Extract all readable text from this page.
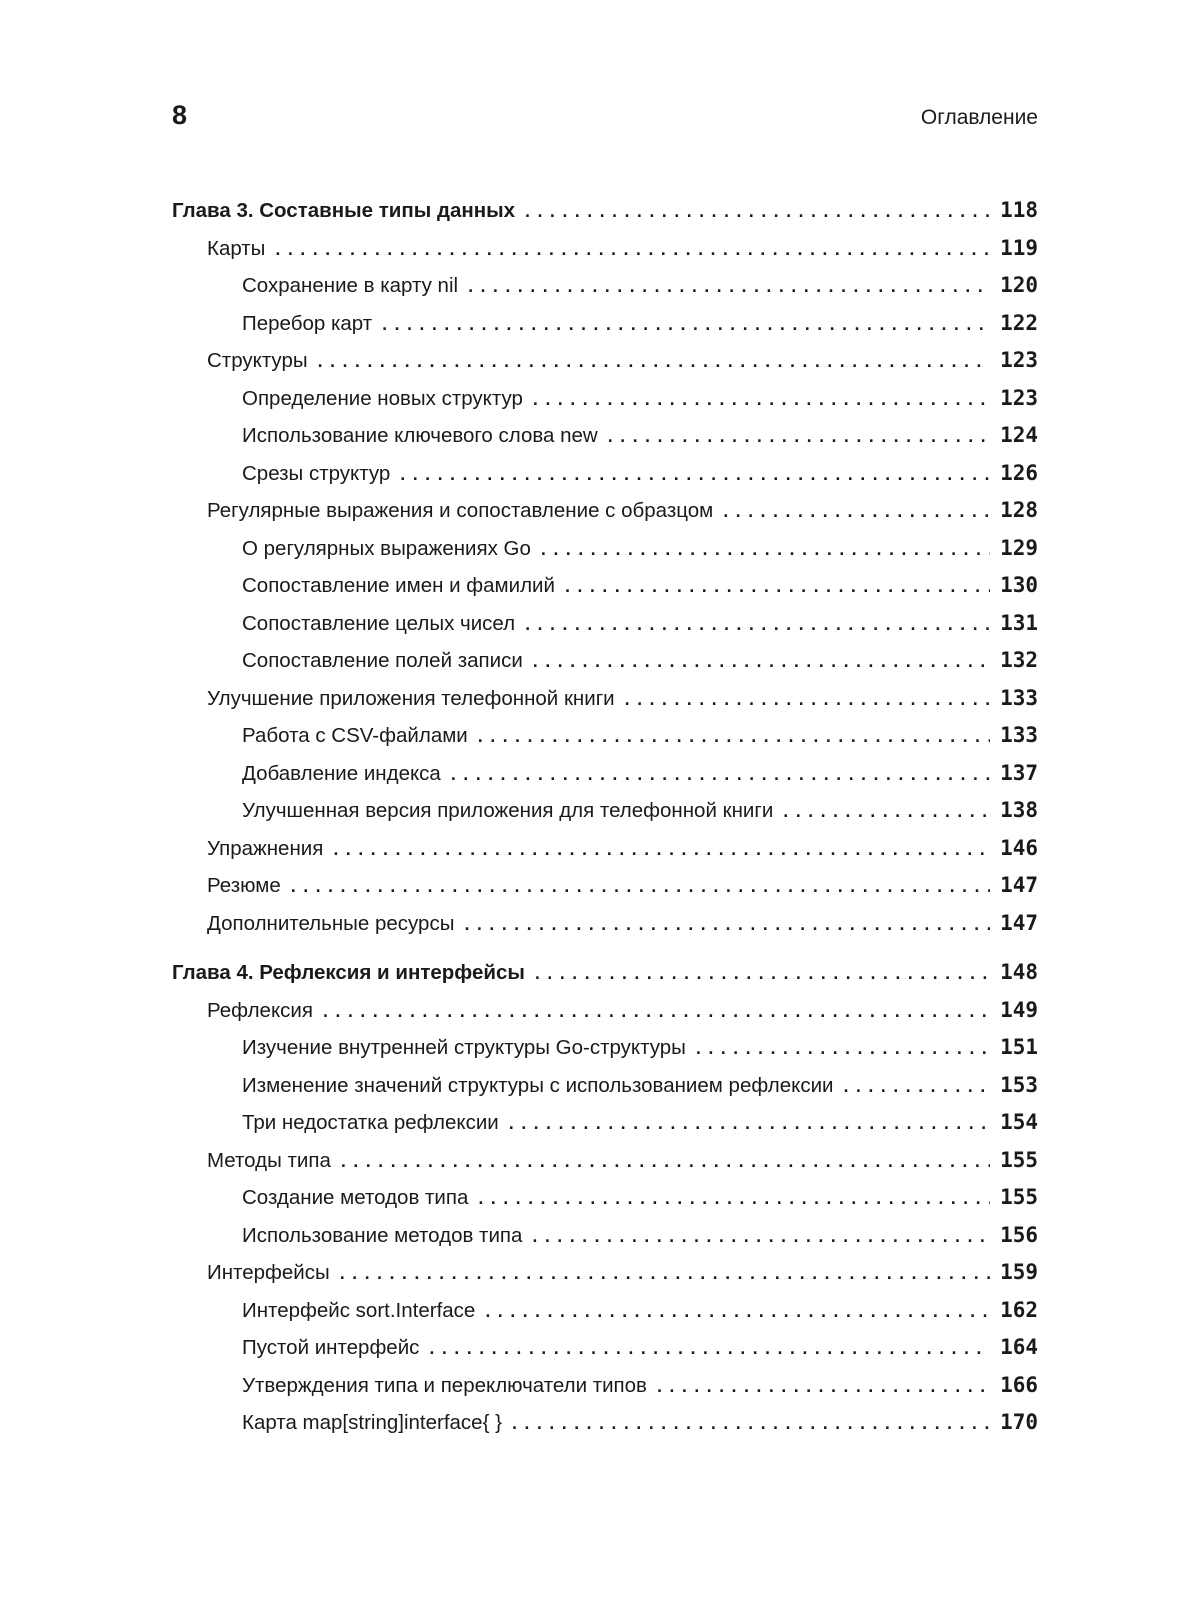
8	Оглавление
Глава 3. Составные типы данных .....	118
Карты .....	119
Сохранение в карту nil .....	120
Перебор карт .....	122
Структуры .....	123
Определение новых структур .....	123
Использование ключевого слова new .....	124
Срезы структур .....	126
Регулярные выражения и сопоставление с образцом .....	128
О регулярных выражениях Go .....	129
Сопоставление имен и фамилий .....	130
Сопоставление целых чисел .....	131
Сопоставление полей записи .....	132
Улучшение приложения телефонной книги .....	133
Работа с CSV-файлами .....	133
Добавление индекса .....	137
Улучшенная версия приложения для телефонной книги .....	138
Упражнения .....	146
Резюме .....	147
Дополнительные ресурсы .....	147
Глава 4. Рефлексия и интерфейсы .....	148
Рефлексия .....	149
Изучение внутренней структуры Go-структуры .....	151
Изменение значений структуры с использованием рефлексии .....	153
Три недостатка рефлексии .....	154
Методы типа .....	155
Создание методов типа .....	155
Использование методов типа .....	156
Интерфейсы .....	159
Интерфейс sort.Interface .....	162
Пустой интерфейс .....	164
Утверждения типа и переключатели типов .....	166
Карта map[string]interface{ } .....	170
